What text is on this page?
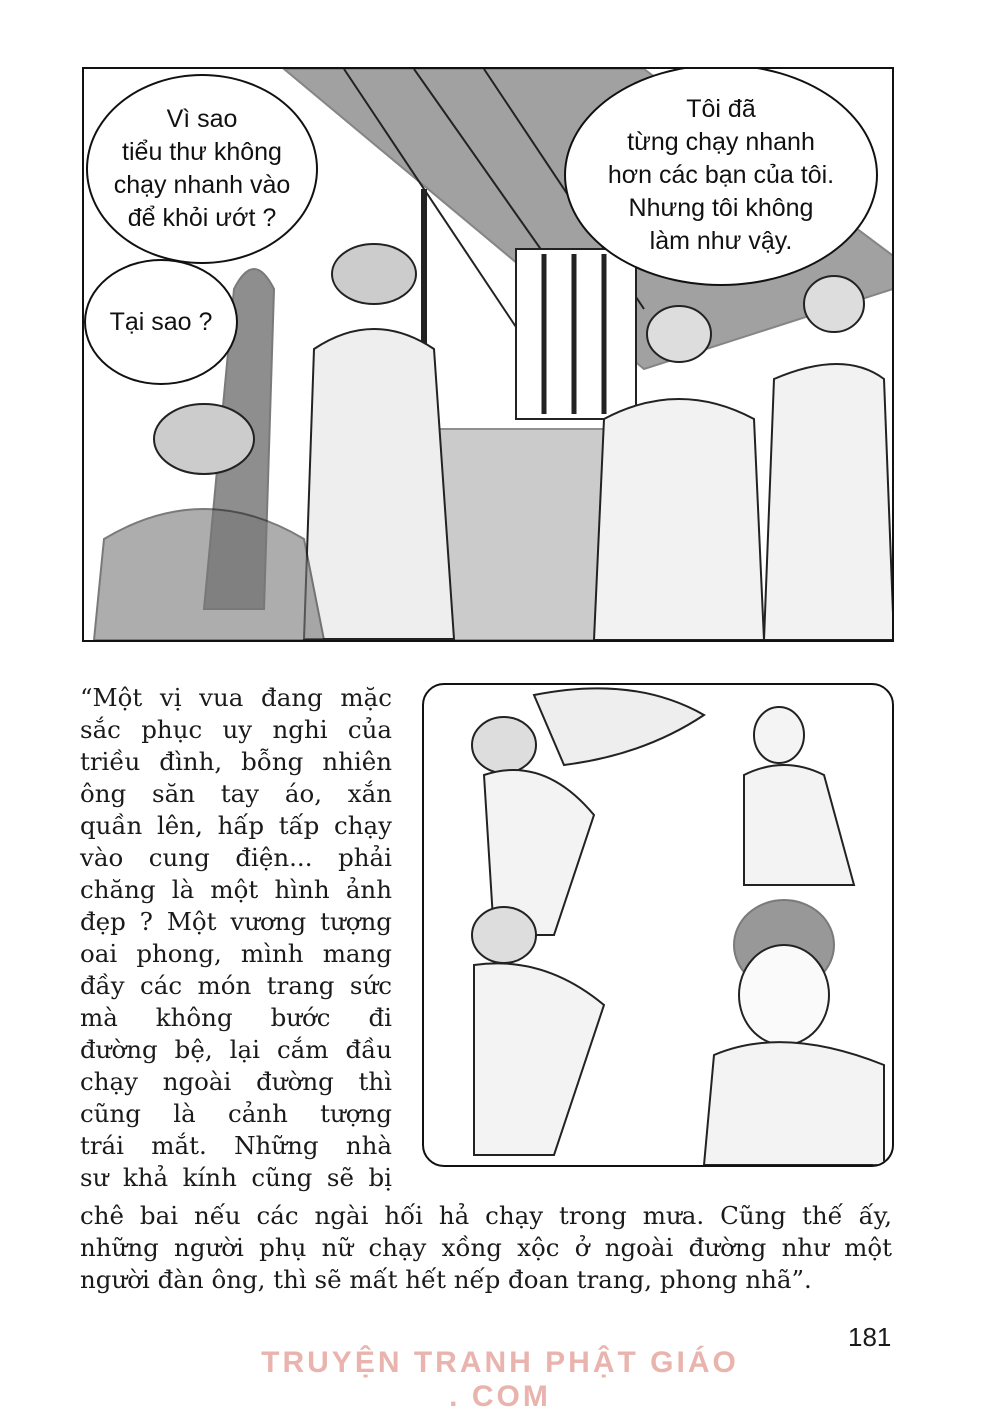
Vì sao
tiểu thư không
chạy nhanh vào
để khỏi ướt ?
Tại sao ?
Tôi đã
từng chạy nhanh
hơn các bạn của tôi.
Nhưng tôi không
làm như vậy.
“Một vị vua đang mặc
sắc phục uy nghi của
triều đình, bỗng nhiên
ông săn tay áo, xắn
quần lên, hấp tấp chạy
vào cung điện... phải
chăng là một hình ảnh
đẹp ? Một vương tượng
oai phong, mình mang
đầy các món trang sức
mà không bước đi
đường bệ, lại cắm đầu
chạy ngoài đường thì
cũng là cảnh tượng
trái mắt. Những nhà
sư khả kính cũng sẽ bị
chê bai nếu các ngài hối hả chạy trong mưa. Cũng thế ấy,
những người phụ nữ chạy xồng xộc ở ngoài đường như một
người đàn ông, thì sẽ mất hết nếp đoan trang, phong nhã”.
181
TRUYỆN TRANH PHẬT GIÁO . COM
